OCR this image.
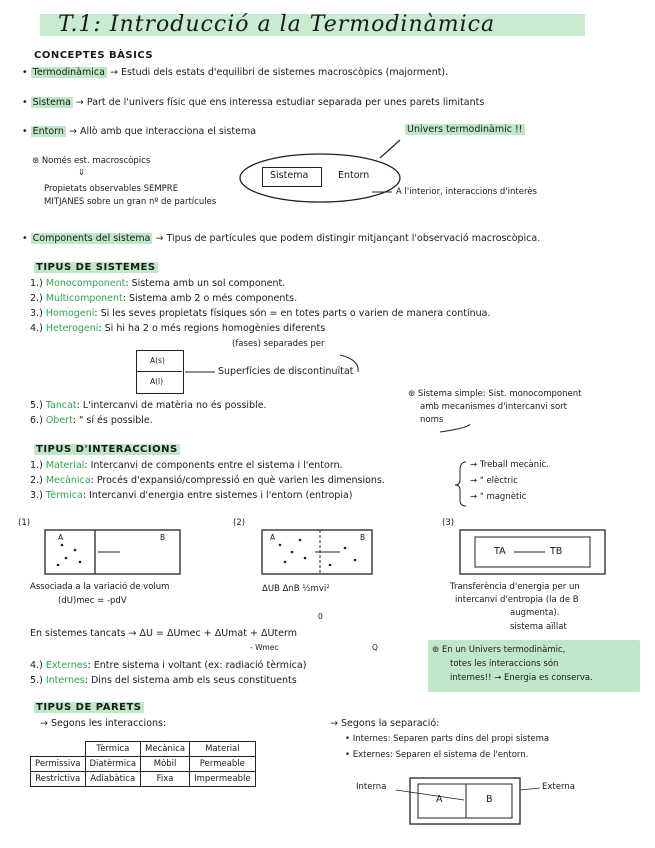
T.1: Introducció a la Termodinàmica
CONCEPTES BÀSICS
• Termodinàmica → Estudi dels estats d'equilibri de sistemes macroscòpics (majorment).
• Sistema → Part de l'univers físic que ens interessa estudiar separada per unes parets limitants
• Entorn → Allò amb que interacciona el sistema	Univers termodinàmic !!
⊛ Només est. macroscòpics
⇓
Propietats observables SEMPRE
MITJANES sobre un gran nº de partícules
Sistema	Entorn
A l'interior, interaccions d'interès
• Components del sistema → Tipus de partícules que podem distingir mitjançant l'observació macroscòpica.
TIPUS DE SISTEMES
1.) Monocomponent: Sistema amb un sol component.
2.) Multicomponent: Sistema amb 2 o més components.
3.) Homogeni: Si les seves propietats físiques són = en totes parts o varien de manera contínua.
4.) Heterogeni: Si hi ha 2 o més regions homogènies diferents
(fases) separades per
A(s)
A(l)
Superfícies de discontinuïtat
5.) Tancat: L'intercanvi de matèria no és possible.
6.) Obert: " sí és possible.
⊛ Sistema simple: Sist. monocomponent
amb mecanismes d'intercanvi sort
noms
TIPUS D'INTERACCIONS
1.) Material: Intercanvi de components entre el sistema i l'entorn.
2.) Mecànica: Procés d'expansió/compressió en què varien les dimensions.
3.) Tèrmica: Intercanvi d'energia entre sistemes i l'entorn (entropia)
→ Treball mecànic.
→ " elèctric
→ " magnètic
(1)	(2)	(3)
A	B	A	B
TA	TB
Associada a la variació de volum
(dU)mec = -pdV
ΔUB ΔnB ½mvi²	Transferència d'energia per un
intercanvi d'entropia (la de B
augmenta).
sistema aïllat
En sistemes tancats → ΔU = ΔUmec + ΔUmat + ΔUterm
0
- Wmec	Q
4.) Externes: Entre sistema i voltant (ex: radiació tèrmica)
5.) Internes: Dins del sistema amb els seus constituents
⊛ En un Univers termodinàmic,
totes les interaccions són
internes!! → Energia es conserva.
TIPUS DE PARETS
→ Segons les interaccions:
	Tèrmica	Mecànica	Material
Permissiva	Diatèrmica	Mòbil	Permeable
Restrictiva	Adiabàtica	Fixa	Impermeable
→ Segons la separació:
• Internes: Separen parts dins del propi sistema
• Externes: Separen el sistema de l'entorn.
Interna	Externa
A	B
